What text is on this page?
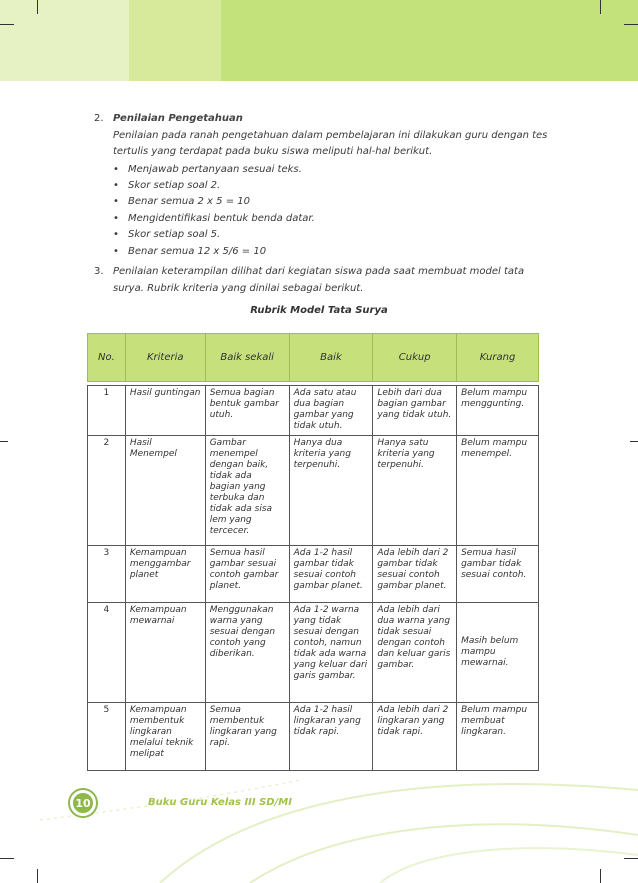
2. Penilaian Pengetahuan

Penilaian pada ranah pengetahuan dalam pembelajaran ini dilakukan guru dengan tes tertulis yang terdapat pada buku siswa meliputi hal-hal berikut.

• Menjawab pertanyaan sesuai teks.
• Skor setiap soal 2.
• Benar semua 2 x 5 = 10
• Mengidentifikasi bentuk benda datar.
• Skor setiap soal 5.
• Benar semua 12 x 5/6 = 10
3. Penilaian keterampilan dilihat dari kegiatan siswa pada saat membuat model tata surya. Rubrik kriteria yang dinilai sebagai berikut.
Rubrik Model Tata Surya
No.	Kriteria	Baik sekali	Baik	Cukup	Kurang

1	Hasil guntingan	Semua bagian bentuk gambar utuh.	Ada satu atau dua bagian gambar yang tidak utuh.	Lebih dari dua bagian gambar yang tidak utuh.	Belum mampu menggunting.
2	Hasil Menempel	Gambar menempel dengan baik, tidak ada bagian yang terbuka dan tidak ada sisa lem yang tercecer.	Hanya dua kriteria yang terpenuhi.	Hanya satu kriteria yang terpenuhi.	Belum mampu menempel.
3	Kemampuan menggambar planet	Semua hasil gambar sesuai contoh gambar planet.	Ada 1-2 hasil gambar tidak sesuai contoh gambar planet.	Ada lebih dari 2 gambar tidak sesuai contoh gambar planet.	Semua hasil gambar tidak sesuai contoh.
4	Kemampuan mewarnai	Menggunakan warna yang sesuai dengan contoh yang diberikan.	Ada 1-2 warna yang tidak sesuai dengan contoh, namun tidak ada warna yang keluar dari garis gambar.	Ada lebih dari dua warna yang tidak sesuai dengan contoh dan keluar garis gambar.	Masih belum mampu mewarnai.
5	Kemampuan membentuk lingkaran melalui teknik melipat	Semua membentuk lingkaran yang rapi.	Ada 1-2 hasil lingkaran yang tidak rapi.	Ada lebih dari 2 lingkaran yang tidak rapi.	Belum mampu membuat lingkaran.
10	Buku Guru Kelas III SD/MI
